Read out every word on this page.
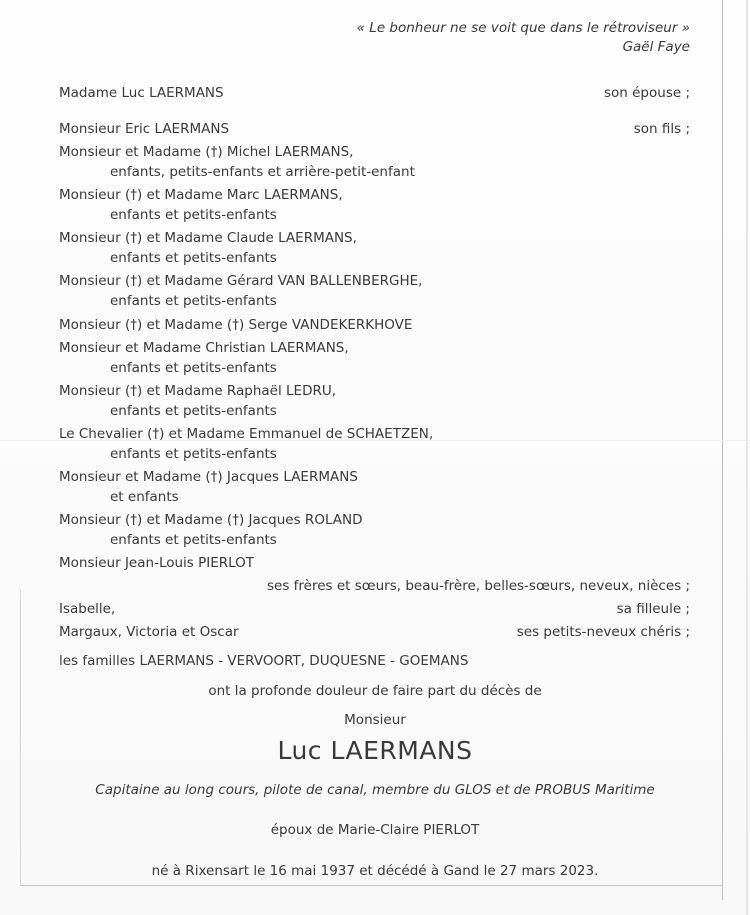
« Le bonheur ne se voit que dans le rétroviseur »
Gaël Faye
Madame Luc LAERMANS	son épouse ;
Monsieur Eric LAERMANS	son fils ;
Monsieur et Madame (†) Michel LAERMANS,
enfants, petits-enfants et arrière-petit-enfant
Monsieur (†) et Madame Marc LAERMANS,
enfants et petits-enfants
Monsieur (†) et Madame Claude LAERMANS,
enfants et petits-enfants
Monsieur (†) et Madame Gérard VAN BALLENBERGHE,
enfants et petits-enfants
Monsieur (†) et Madame (†) Serge VANDEKERKHOVE
Monsieur et Madame Christian LAERMANS,
enfants et petits-enfants
Monsieur (†) et Madame Raphaël LEDRU,
enfants et petits-enfants
Le Chevalier (†) et Madame Emmanuel de SCHAETZEN,
enfants et petits-enfants
Monsieur et Madame (†) Jacques LAERMANS
et enfants
Monsieur (†) et Madame (†) Jacques ROLAND
enfants et petits-enfants
Monsieur Jean-Louis PIERLOT
ses frères et sœurs, beau-frère, belles-sœurs, neveux, nièces ;
Isabelle,	sa filleule ;
Margaux, Victoria et Oscar	ses petits-neveux chéris ;
les familles LAERMANS - VERVOORT, DUQUESNE - GOEMANS
ont la profonde douleur de faire part du décès de
Monsieur
Luc LAERMANS
Capitaine au long cours, pilote de canal, membre du GLOS et de PROBUS Maritime
époux de Marie-Claire PIERLOT
né à Rixensart le 16 mai 1937 et décédé à Gand le 27 mars 2023.
